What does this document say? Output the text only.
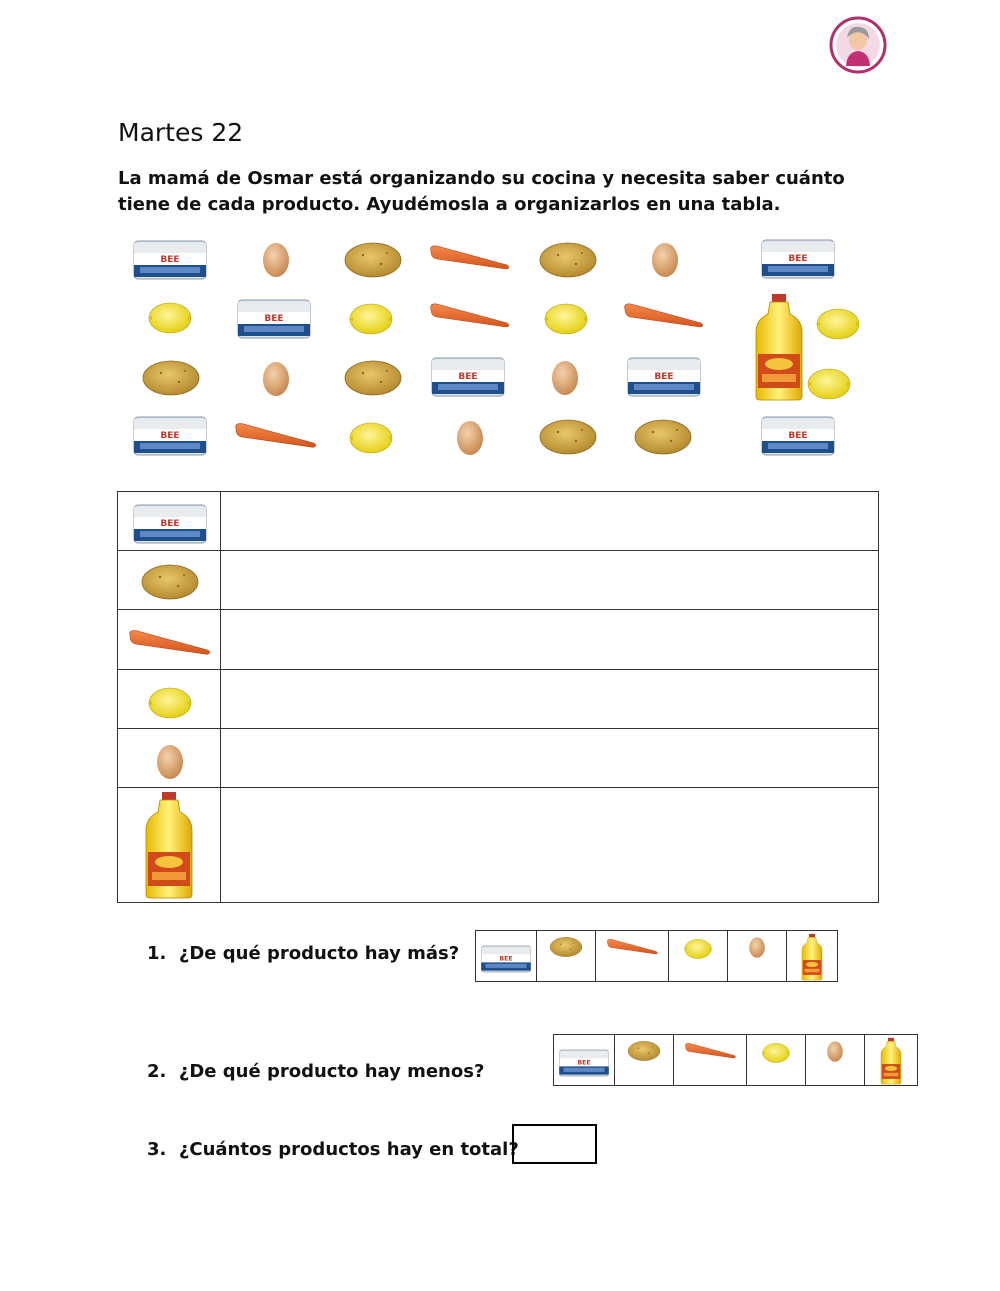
Martes 22
La mamá de Osmar está organizando su cocina y necesita saber cuánto tiene de cada producto. Ayudémosla a organizarlos en una tabla.

1. ¿De qué producto hay más?
2. ¿De qué producto hay menos?
3. ¿Cuántos productos hay en total?
